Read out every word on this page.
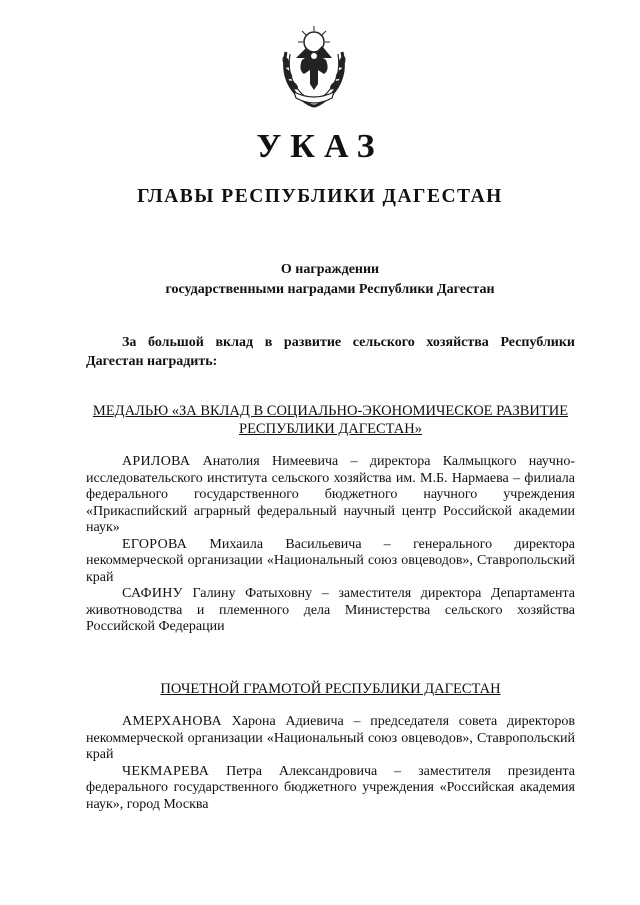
УКАЗ
ГЛАВЫ РЕСПУБЛИКИ ДАГЕСТАН
О награждении
государственными наградами Республики Дагестан
За большой вклад в развитие сельского хозяйства Республики Дагестан наградить:
МЕДАЛЬЮ «ЗА ВКЛАД В СОЦИАЛЬНО-ЭКОНОМИЧЕСКОЕ РАЗВИТИЕ РЕСПУБЛИКИ ДАГЕСТАН»

АРИЛОВА Анатолия Нимеевича – директора Калмыцкого научно-исследовательского института сельского хозяйства им. М.Б. Нармаева – филиала федерального государственного бюджетного научного учреждения «Прикаспийский аграрный федеральный научный центр Российской академии наук»

ЕГОРОВА Михаила Васильевича – генерального директора некоммерческой организации «Национальный союз овцеводов», Ставропольский край

САФИНУ Галину Фатыховну – заместителя директора Департамента животноводства и племенного дела Министерства сельского хозяйства Российской Федерации

ПОЧЕТНОЙ ГРАМОТОЙ РЕСПУБЛИКИ ДАГЕСТАН

АМЕРХАНОВА Харона Адиевича – председателя совета директоров некоммерческой организации «Национальный союз овцеводов», Ставропольский край

ЧЕКМАРЕВА Петра Александровича – заместителя президента федерального государственного бюджетного учреждения «Российская академия наук», город Москва
